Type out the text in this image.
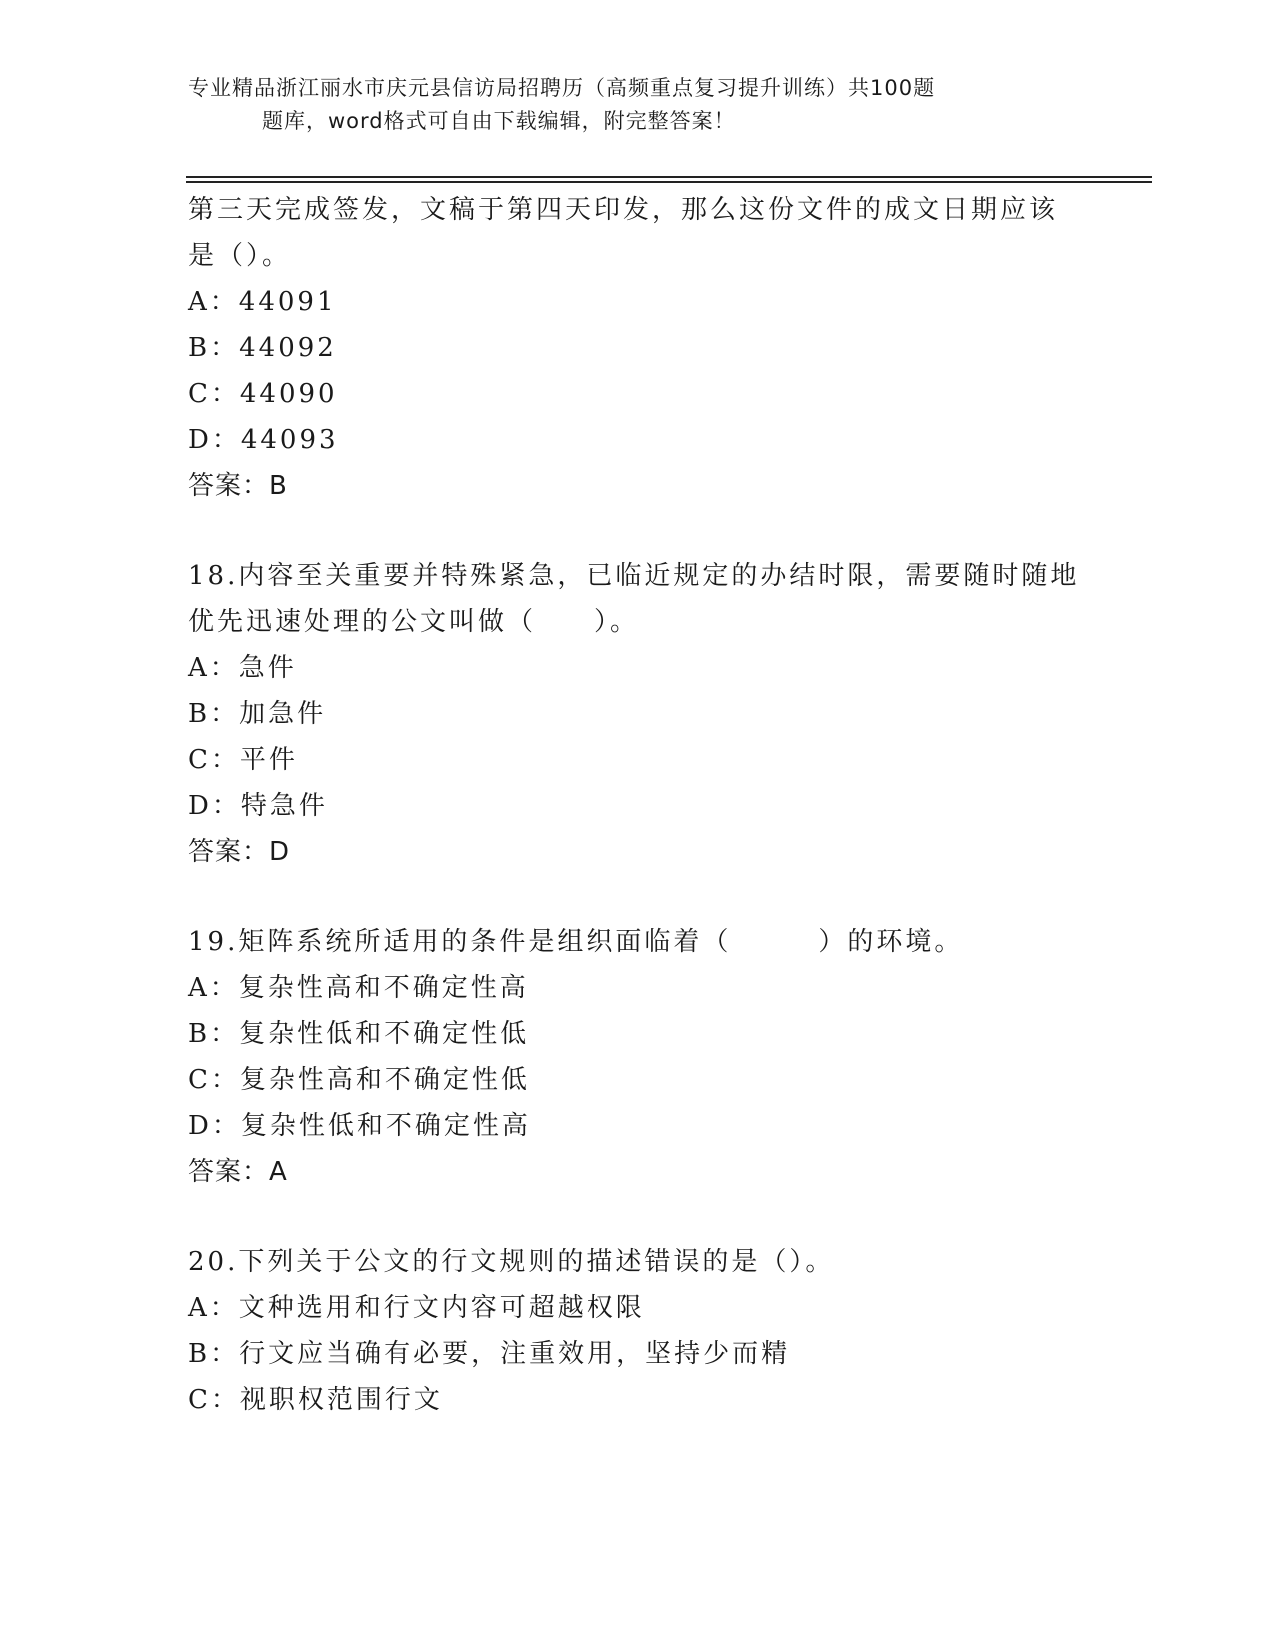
专业精品浙江丽水市庆元县信访局招聘历（高频重点复习提升训练）共100题
题库，word格式可自由下载编辑，附完整答案！
第三天完成签发，文稿于第四天印发，那么这份文件的成文日期应该
是（）。
A：44091
B：44092
C：44090
D：44093
答案：B
18.内容至关重要并特殊紧急，已临近规定的办结时限，需要随时随地
优先迅速处理的公文叫做（　　）。
A：急件
B：加急件
C：平件
D：特急件
答案：D
19.矩阵系统所适用的条件是组织面临着（　　　）的环境。
A：复杂性高和不确定性高
B：复杂性低和不确定性低
C：复杂性高和不确定性低
D：复杂性低和不确定性高
答案：A
20.下列关于公文的行文规则的描述错误的是（）。
A：文种选用和行文内容可超越权限
B：行文应当确有必要，注重效用，坚持少而精
C：视职权范围行文
